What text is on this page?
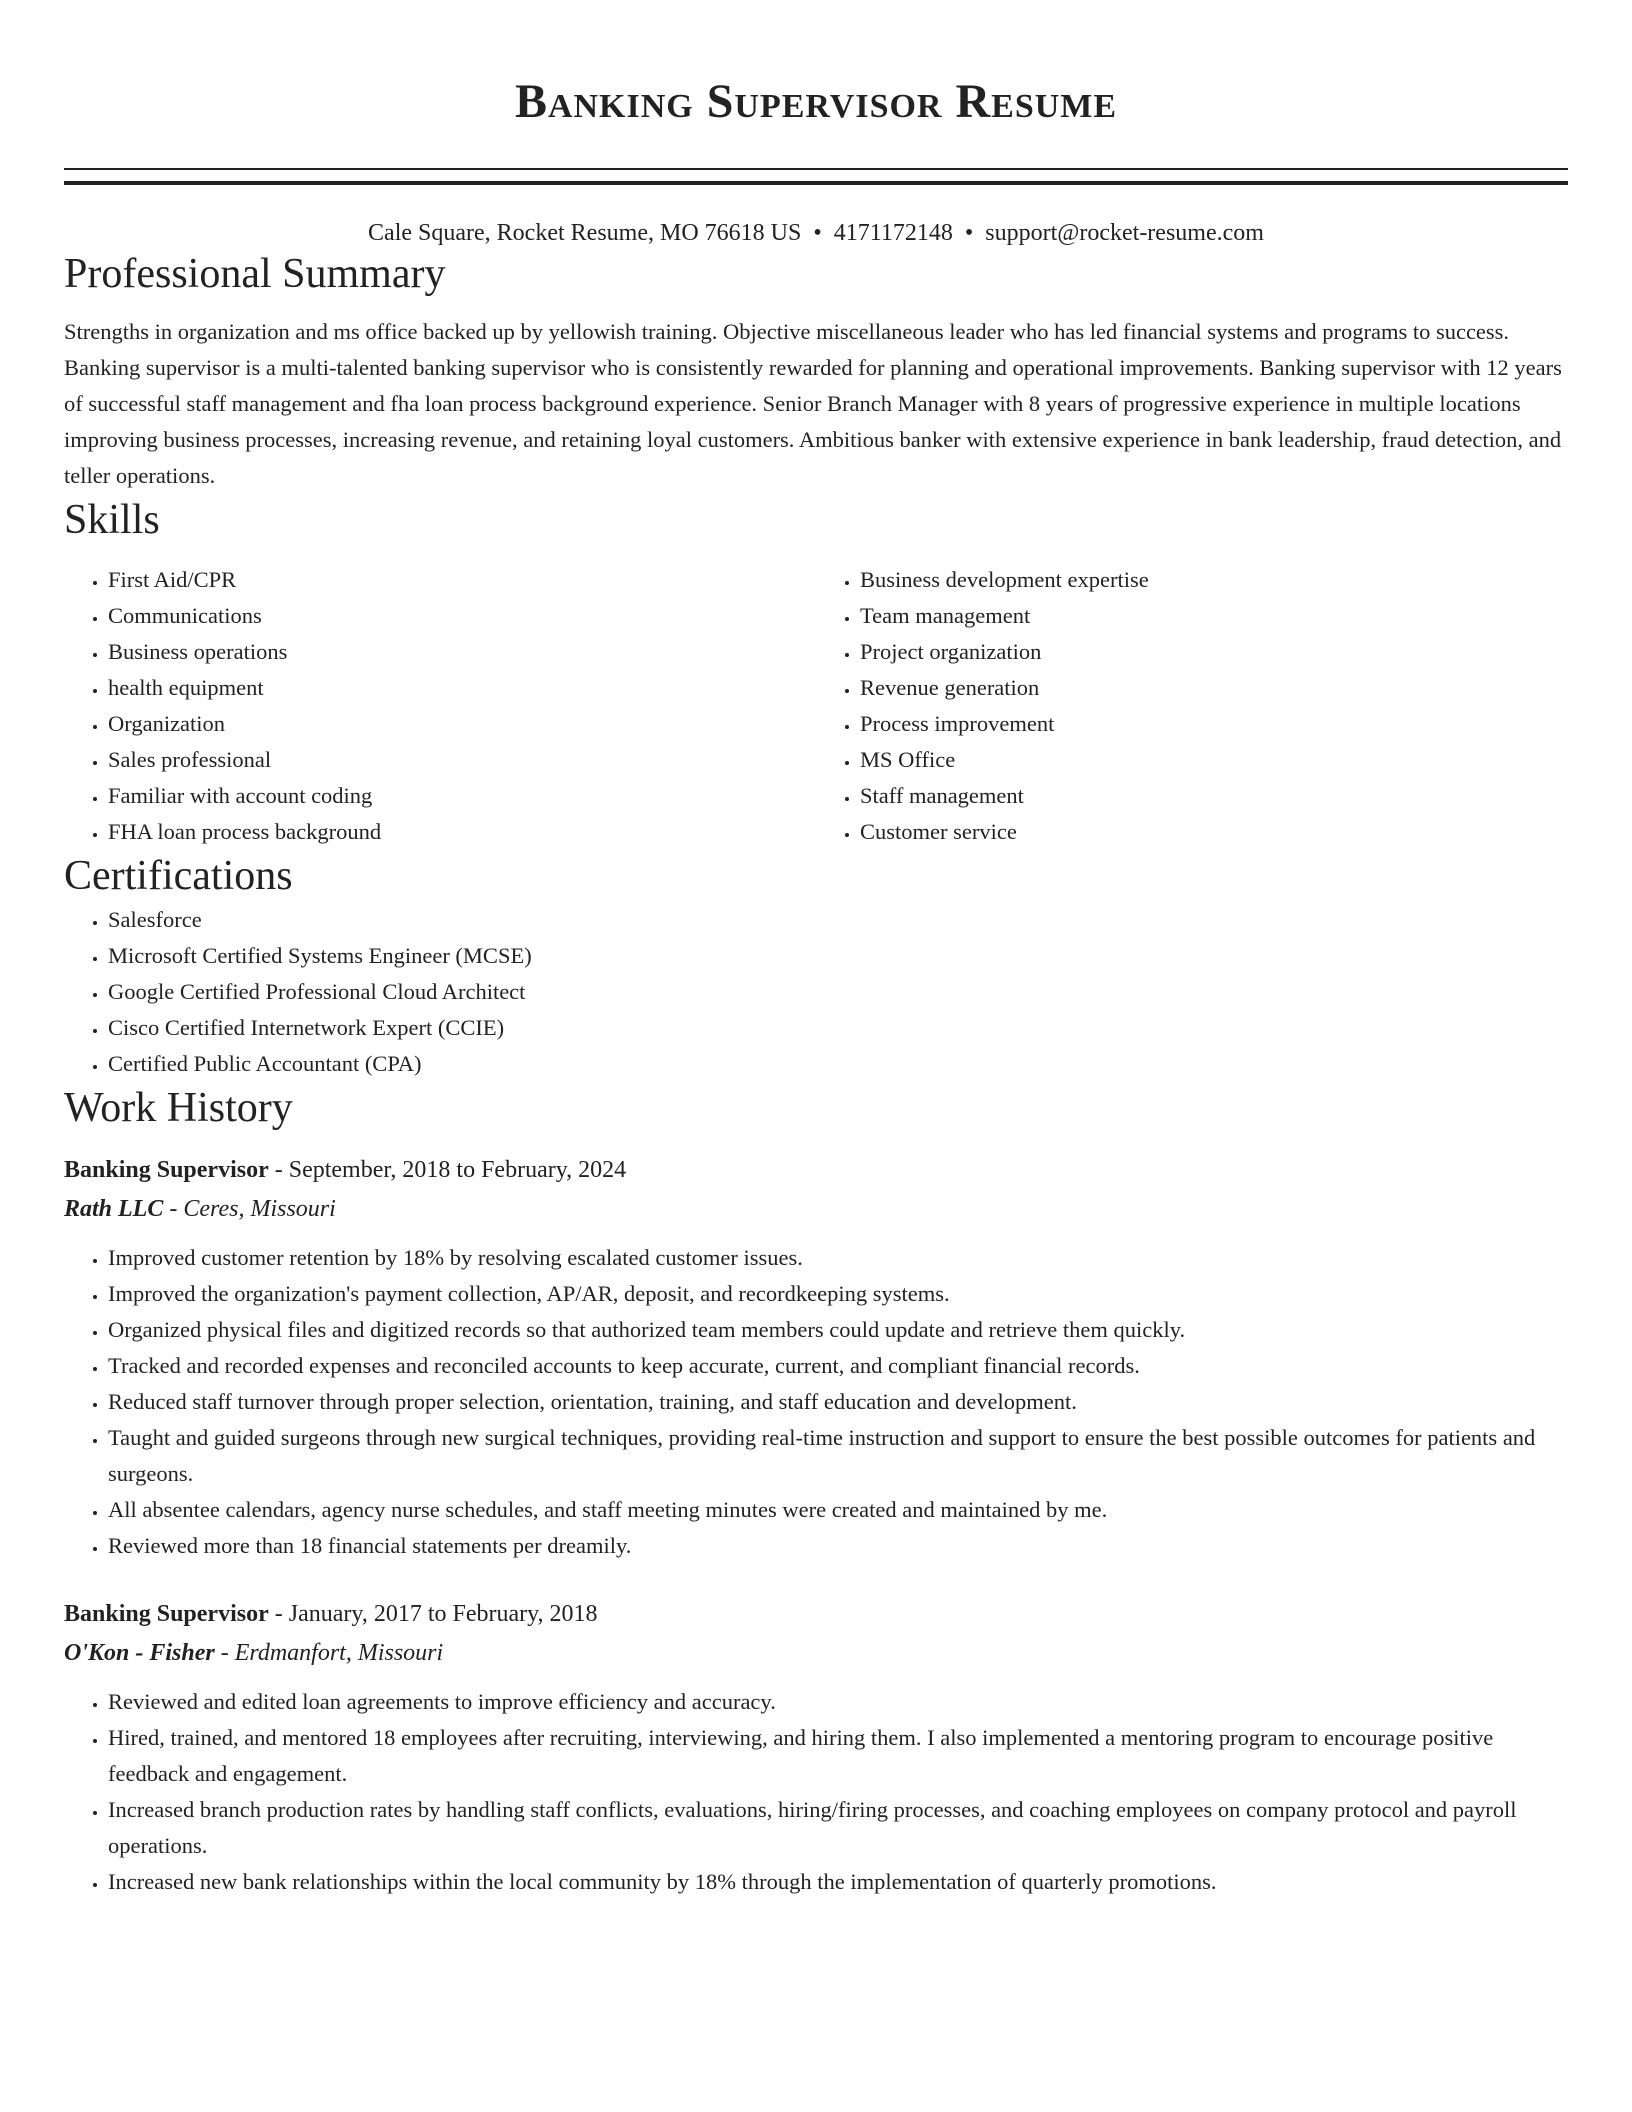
Banking Supervisor Resume
Cale Square, Rocket Resume, MO 76618 US • 4171172148 • support@rocket-resume.com
Professional Summary

Strengths in organization and ms office backed up by yellowish training. Objective miscellaneous leader who has led financial systems and programs to success. Banking supervisor is a multi-talented banking supervisor who is consistently rewarded for planning and operational improvements. Banking supervisor with 12 years of successful staff management and fha loan process background experience. Senior Branch Manager with 8 years of progressive experience in multiple locations improving business processes, increasing revenue, and retaining loyal customers. Ambitious banker with extensive experience in bank leadership, fraud detection, and teller operations.

Skills
• First Aid/CPR
• Communications
• Business operations
• health equipment
• Organization
• Sales professional
• Familiar with account coding
• FHA loan process background
• Business development expertise
• Team management
• Project organization
• Revenue generation
• Process improvement
• MS Office
• Staff management
• Customer service
Certifications
• Salesforce
• Microsoft Certified Systems Engineer (MCSE)
• Google Certified Professional Cloud Architect
• Cisco Certified Internetwork Expert (CCIE)
• Certified Public Accountant (CPA)
Work History
Banking Supervisor - September, 2018 to February, 2024
Rath LLC - Ceres, Missouri
• Improved customer retention by 18% by resolving escalated customer issues.
• Improved the organization's payment collection, AP/AR, deposit, and recordkeeping systems.
• Organized physical files and digitized records so that authorized team members could update and retrieve them quickly.
• Tracked and recorded expenses and reconciled accounts to keep accurate, current, and compliant financial records.
• Reduced staff turnover through proper selection, orientation, training, and staff education and development.
• Taught and guided surgeons through new surgical techniques, providing real-time instruction and support to ensure the best possible outcomes for patients and surgeons.
• All absentee calendars, agency nurse schedules, and staff meeting minutes were created and maintained by me.
• Reviewed more than 18 financial statements per dreamily.
Banking Supervisor - January, 2017 to February, 2018
O'Kon - Fisher - Erdmanfort, Missouri
• Reviewed and edited loan agreements to improve efficiency and accuracy.
• Hired, trained, and mentored 18 employees after recruiting, interviewing, and hiring them. I also implemented a mentoring program to encourage positive feedback and engagement.
• Increased branch production rates by handling staff conflicts, evaluations, hiring/firing processes, and coaching employees on company protocol and payroll operations.
• Increased new bank relationships within the local community by 18% through the implementation of quarterly promotions.
